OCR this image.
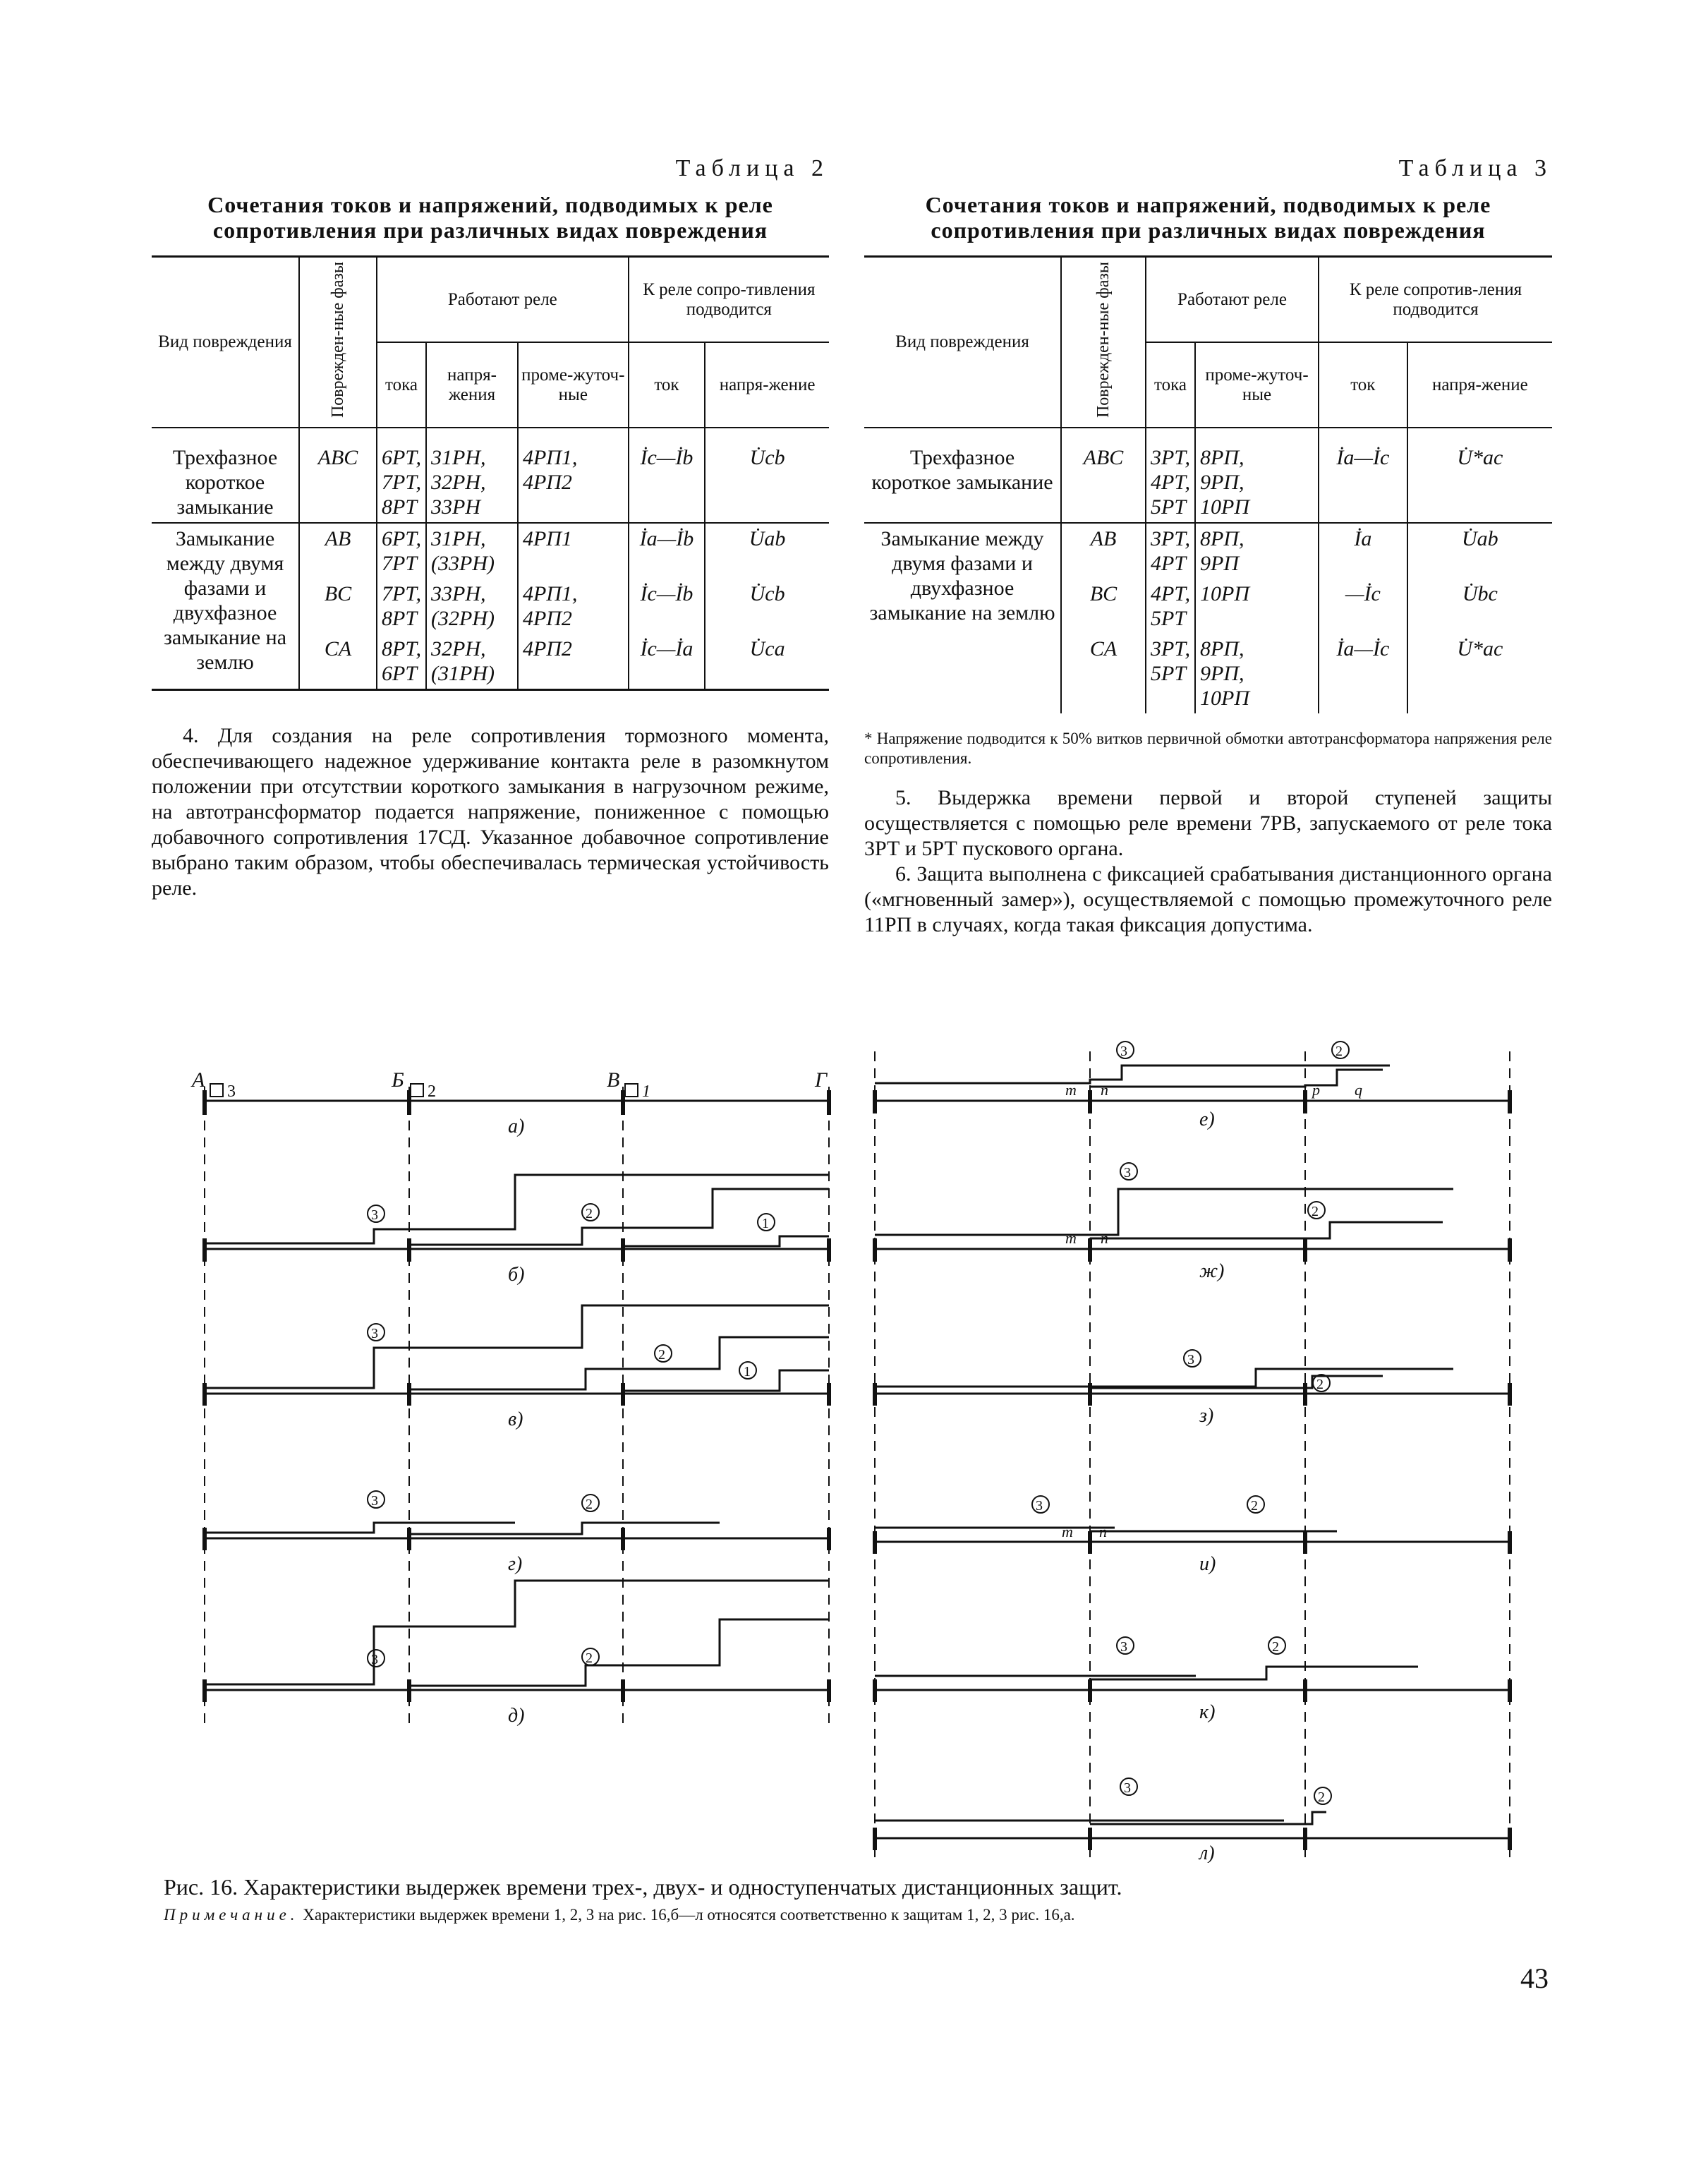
Таблица 2
Сочетания токов и напряжений, подводимых к реле сопротивления при различных видах повреждения
Вид повреждения	Поврежден-ные фазы	Работают реле			К реле сопро-тивления подводится	
		тока	напря-жения	проме-жуточ-ные	ток	напря-жение
Трехфазное короткое замыкание	ABC	6РТ,
7РТ,
8РТ	31РН,
32РН,
33РН	4РП1,
4РП2	İc—İb	U̇cb
Замыкание между двумя фазами и двухфазное замыкание на землю	AB	6РТ,
7РТ	31РН,
(33РН)	4РП1	İa—İb	U̇ab
	BC	7РТ,
8РТ	33РН,
(32РН)	4РП1,
4РП2	İc—İb	U̇cb
	CA	8РТ,
6РТ	32РН,
(31РН)	4РП2	İc—İa	U̇ca

4. Для создания на реле сопротивления тормозного момента, обеспечивающего надежное удерживание контакта реле в разомкнутом положении при отсутствии короткого замыкания в нагрузочном режиме, на автотрансформатор подается напряжение, пониженное с помощью добавочного сопротивления 17СД. Указанное добавочное сопротивление выбрано таким образом, чтобы обеспечивалась термическая устойчивость реле.

Таблица 3
Сочетания токов и напряжений, подводимых к реле сопротивления при различных видах повреждения
Вид повреждения	Поврежден-ные фазы	Работают реле		К реле сопротив-ления подводится	
		тока	проме-жуточ-ные	ток	напря-жение
Трехфазное короткое замыкание	ABC	3РТ,
4РТ,
5РТ	8РП,
9РП,
10РП	İa—İc	U̇*ac
Замыкание между двумя фазами и двухфазное замыкание на землю	AB	3РТ,
4РТ	8РП,
9РП	İa	U̇ab
	BC	4РТ,
5РТ	10РП	—İc	U̇bc
	CA	3РТ,
5РТ	8РП,
9РП,
10РП	İa—İc	U̇*ac
* Напряжение подводится к 50% витков первичной обмотки автотрансформатора напряжения реле сопротивления.

5. Выдержка времени первой и второй ступеней защиты осуществляется с помощью реле времени 7РВ, запускаемого от реле тока 3РТ и 5РТ пускового органа.

6. Защита выполнена с фиксацией срабатывания дистанционного органа («мгновенный замер»), осуществляемой с помощью промежуточного реле 11РП в случаях, когда такая фиксация допустима.

А	Б	В	Г
3	2	1
а)
3	2
1
б)
3
2
1
в)
3	2
г)
3	2
д)
m n	p q
3	2
е)
m n
3
2
ж)
3
2
з)
m n
3	2
и)
3	2
к)
3
2
л)
Рис. 16. Характеристики выдержек времени трех-, двух- и одноступенчатых дистанционных защит.
Примечание. Характеристики выдержек времени 1, 2, 3 на рис. 16,б—л относятся соответственно к защитам 1, 2, 3 рис. 16,а.
43
